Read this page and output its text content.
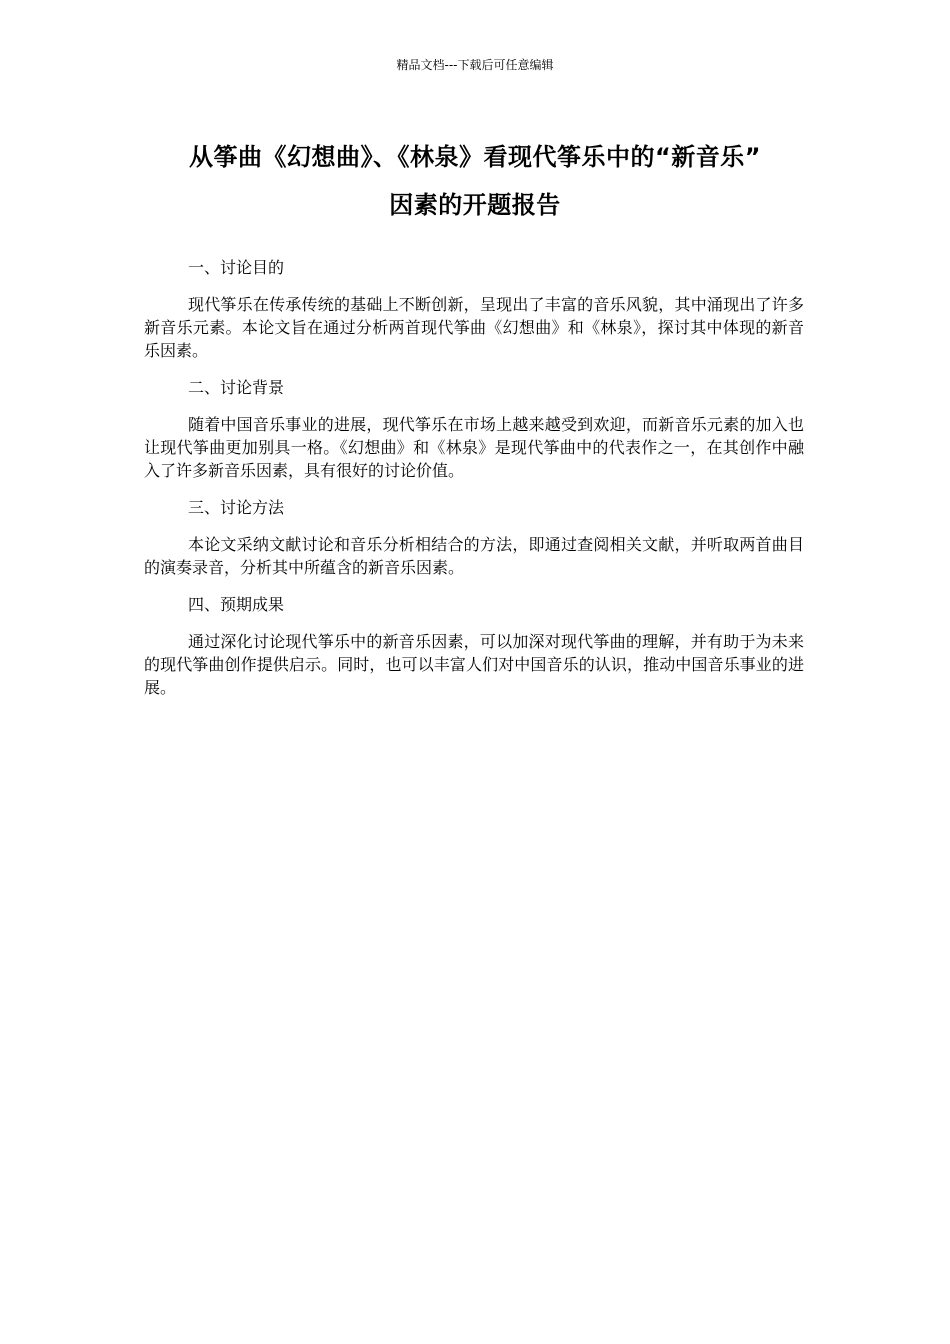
精品文档---下载后可任意编辑
从筝曲《幻想曲》、《林泉》看现代筝乐中的“新音乐”
因素的开题报告

一、讨论目的

现代筝乐在传承传统的基础上不断创新，呈现出了丰富的音乐风貌，其中涌现出了许多新音乐元素。本论文旨在通过分析两首现代筝曲《幻想曲》和《林泉》，探讨其中体现的新音乐因素。

二、讨论背景

随着中国音乐事业的进展，现代筝乐在市场上越来越受到欢迎，而新音乐元素的加入也让现代筝曲更加别具一格。《幻想曲》和《林泉》是现代筝曲中的代表作之一，在其创作中融入了许多新音乐因素，具有很好的讨论价值。

三、讨论方法

本论文采纳文献讨论和音乐分析相结合的方法，即通过查阅相关文献，并听取两首曲目的演奏录音，分析其中所蕴含的新音乐因素。

四、预期成果

通过深化讨论现代筝乐中的新音乐因素，可以加深对现代筝曲的理解，并有助于为未来的现代筝曲创作提供启示。同时，也可以丰富人们对中国音乐的认识，推动中国音乐事业的进展。
